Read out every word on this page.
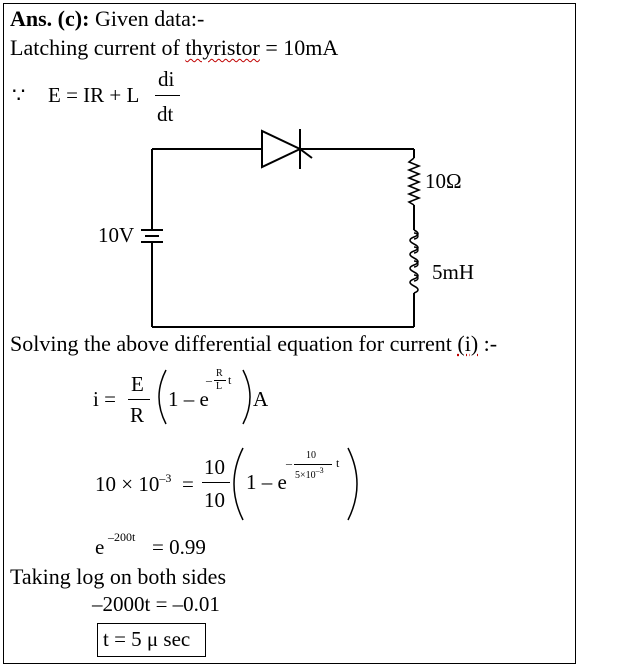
Ans. (c): Given data:-
Latching current of thyristor = 10mA
∵ E = IR + L
di
dt
10V
10Ω
5mH
Solving the above differential equation for current (i) :-
i =
E
R
1 – e
– R
L t
A
$10 \times 10^{-3}$ =
10
10
1 – e
–
10
$5\times 10^{-3}$
t
e –200t = 0.99
Taking log on both sides
–2000t = –0.01
t = 5 μ sec
